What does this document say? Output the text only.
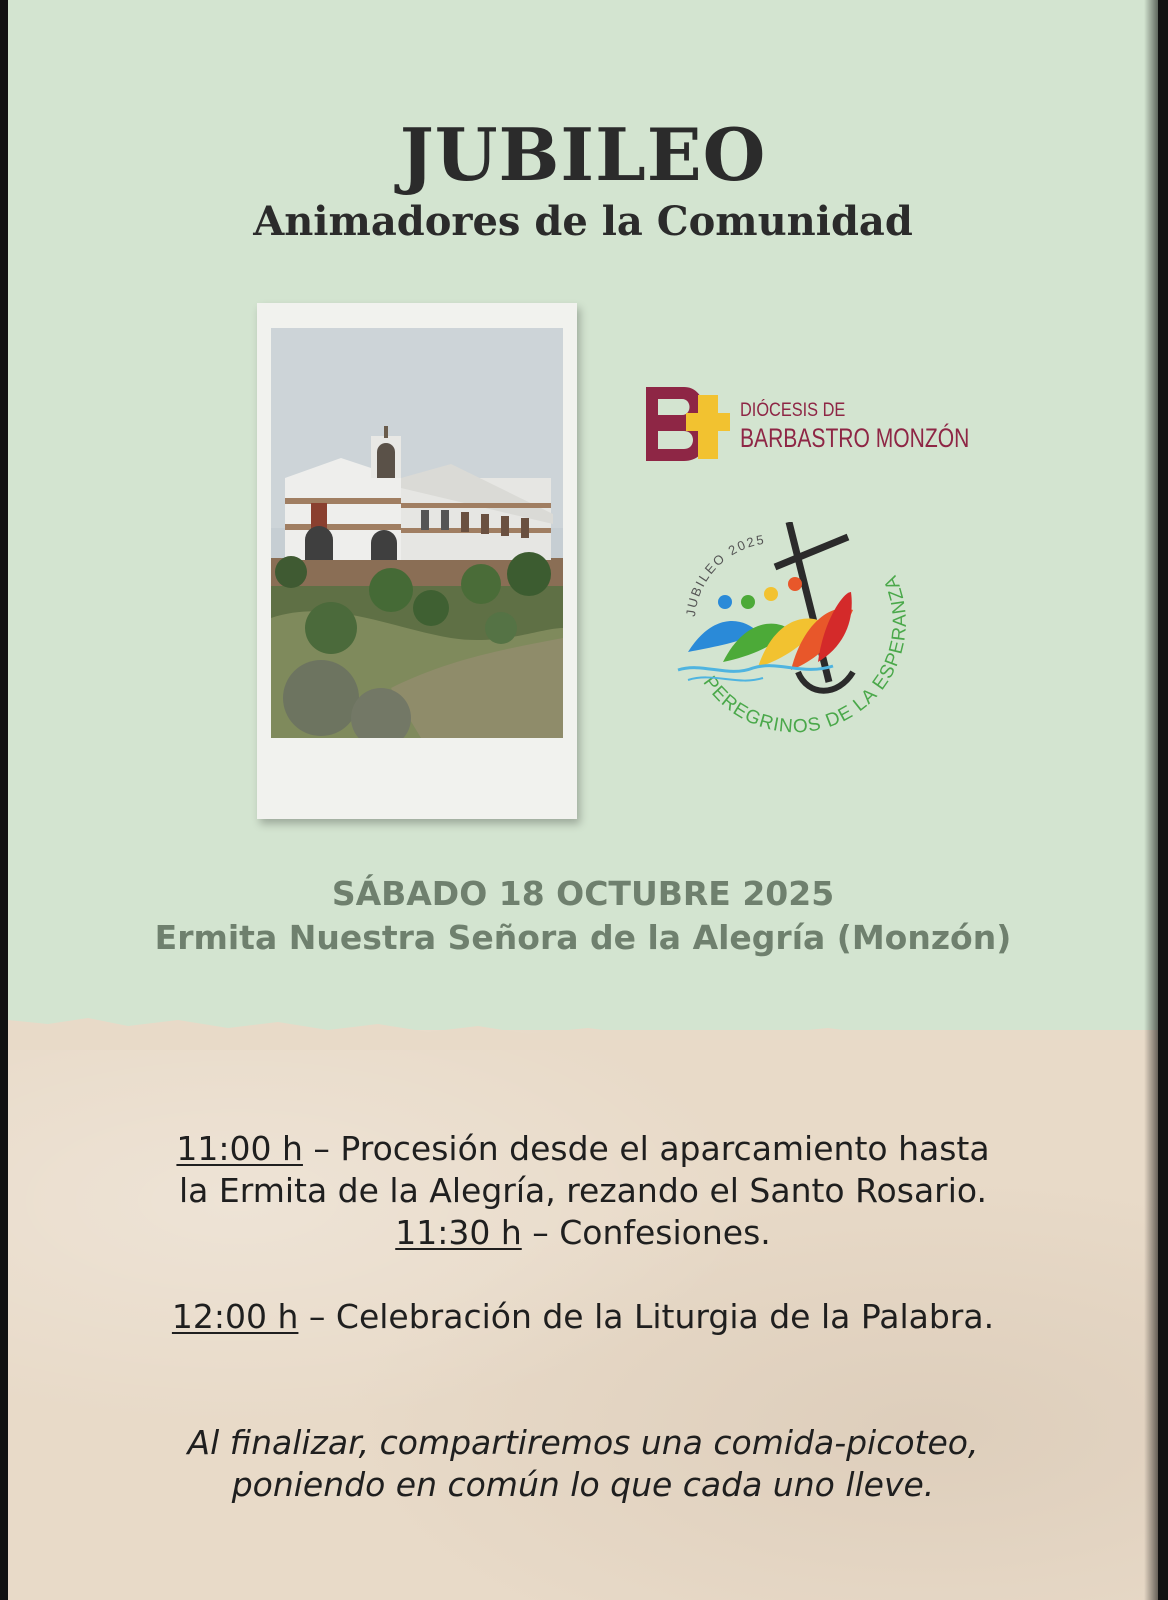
JUBILEO
Animadores de la Comunidad
DIÓCESIS DE
BARBASTRO MONZÓN
JUBILEO 2025
PEREGRINOS DE LA ESPERANZA

SÁBADO 18 OCTUBRE 2025

Ermita Nuestra Señora de la Alegría (Monzón)

11:00 h – Procesión desde el aparcamiento hasta
la Ermita de la Alegría, rezando el Santo Rosario.

11:30 h – Confesiones.

12:00 h – Celebración de la Liturgia de la Palabra.

Al finalizar, compartiremos una comida-picoteo,
poniendo en común lo que cada uno lleve.
